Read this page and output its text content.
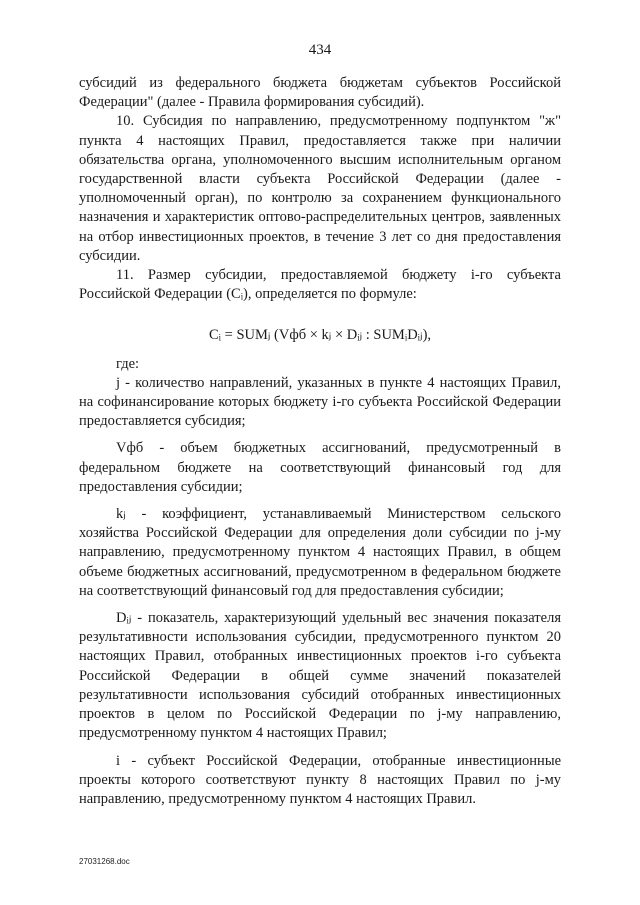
434

субсидий из федерального бюджета бюджетам субъектов Российской Федерации" (далее - Правила формирования субсидий).

10. Субсидия по направлению, предусмотренному подпунктом "ж" пункта 4 настоящих Правил, предоставляется также при наличии обязательства органа, уполномоченного высшим исполнительным органом государственной власти субъекта Российской Федерации (далее - уполномоченный орган), по контролю за сохранением функционального назначения и характеристик оптово-распределительных центров, заявленных на отбор инвестиционных проектов, в течение 3 лет со дня предоставления субсидии.

11. Размер субсидии, предоставляемой бюджету i-го субъекта Российской Федерации (Сᵢ), определяется по формуле:

Сᵢ = SUMⱼ (Vфб × kⱼ × Dᵢⱼ : SUMᵢDᵢⱼ),

где:

j - количество направлений, указанных в пункте 4 настоящих Правил, на софинансирование которых бюджету i-го субъекта Российской Федерации предоставляется субсидия;

Vфб - объем бюджетных ассигнований, предусмотренный в федеральном бюджете на соответствующий финансовый год для предоставления субсидии;

kⱼ - коэффициент, устанавливаемый Министерством сельского хозяйства Российской Федерации для определения доли субсидии по j-му направлению, предусмотренному пунктом 4 настоящих Правил, в общем объеме бюджетных ассигнований, предусмотренном в федеральном бюджете на соответствующий финансовый год для предоставления субсидии;

Dᵢⱼ - показатель, характеризующий удельный вес значения показателя результативности использования субсидии, предусмотренного пунктом 20 настоящих Правил, отобранных инвестиционных проектов i-го субъекта Российской Федерации в общей сумме значений показателей результативности использования субсидий отобранных инвестиционных проектов в целом по Российской Федерации по j-му направлению, предусмотренному пунктом 4 настоящих Правил;

i - субъект Российской Федерации, отобранные инвестиционные проекты которого соответствуют пункту 8 настоящих Правил по j-му направлению, предусмотренному пунктом 4 настоящих Правил.

27031268.doc
